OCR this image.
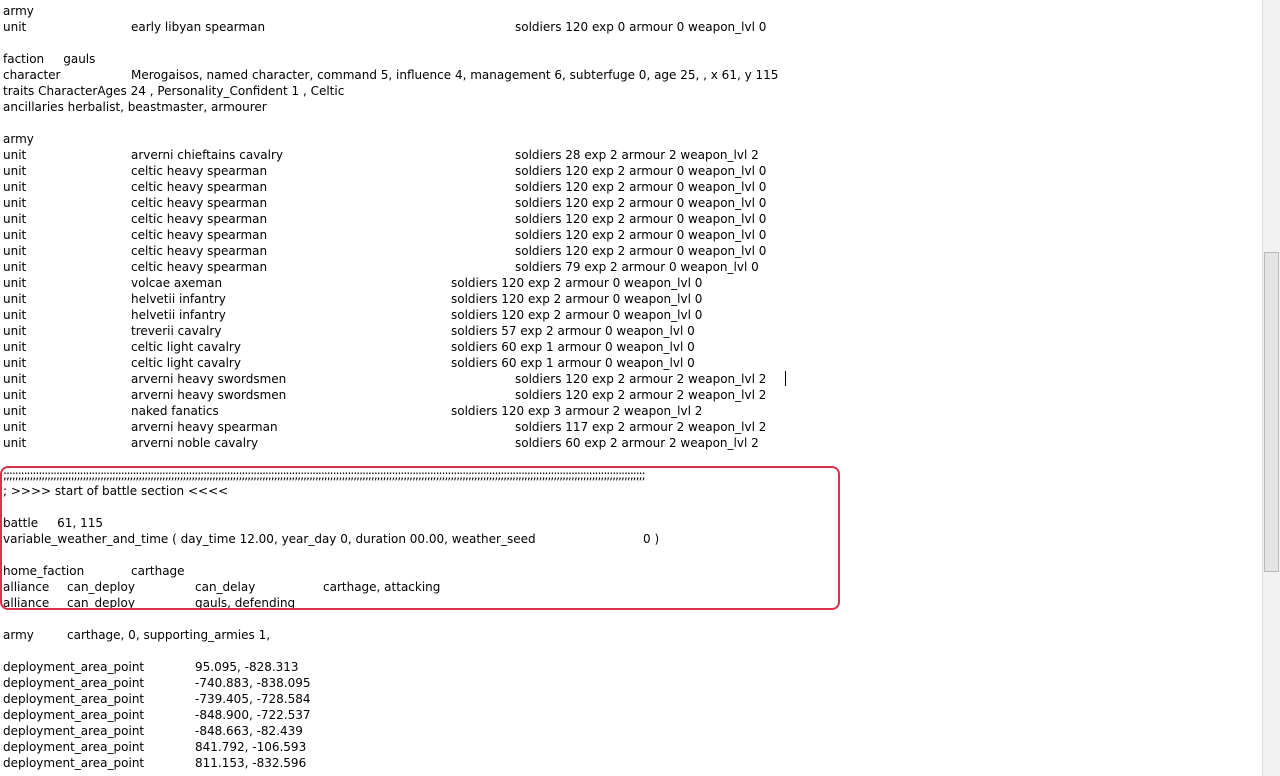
army
unit	early libyan spearman	soldiers 120 exp 0 armour 0 weapon_lvl 0
faction     gauls
character	Merogaisos, named character, command 5, influence 4, management 6, subterfuge 0, age 25, , x 61, y 115
traits CharacterAges 24 , Personality_Confident 1 , Celtic
ancillaries herbalist, beastmaster, armourer
army
unit	arverni chieftains cavalry	soldiers 28 exp 2 armour 2 weapon_lvl 2
unit	celtic heavy spearman	soldiers 120 exp 2 armour 0 weapon_lvl 0
unit	celtic heavy spearman	soldiers 120 exp 2 armour 0 weapon_lvl 0
unit	celtic heavy spearman	soldiers 120 exp 2 armour 0 weapon_lvl 0
unit	celtic heavy spearman	soldiers 120 exp 2 armour 0 weapon_lvl 0
unit	celtic heavy spearman	soldiers 120 exp 2 armour 0 weapon_lvl 0
unit	celtic heavy spearman	soldiers 120 exp 2 armour 0 weapon_lvl 0
unit	celtic heavy spearman	soldiers 79 exp 2 armour 0 weapon_lvl 0
unit	volcae axeman	soldiers 120 exp 2 armour 0 weapon_lvl 0
unit	helvetii infantry	soldiers 120 exp 2 armour 0 weapon_lvl 0
unit	helvetii infantry	soldiers 120 exp 2 armour 0 weapon_lvl 0
unit	treverii cavalry	soldiers 57 exp 2 armour 0 weapon_lvl 0
unit	celtic light cavalry	soldiers 60 exp 1 armour 0 weapon_lvl 0
unit	celtic light cavalry	soldiers 60 exp 1 armour 0 weapon_lvl 0
unit	arverni heavy swordsmen	soldiers 120 exp 2 armour 2 weapon_lvl 2
unit	arverni heavy swordsmen	soldiers 120 exp 2 armour 2 weapon_lvl 2
unit	naked fanatics	soldiers 120 exp 3 armour 2 weapon_lvl 2
unit	arverni heavy spearman	soldiers 117 exp 2 armour 2 weapon_lvl 2
unit	arverni noble cavalry	soldiers 60 exp 2 armour 2 weapon_lvl 2
;;;;;;;;;;;;;;;;;;;;;;;;;;;;;;;;;;;;;;;;;;;;;;;;;;;;;;;;;;;;;;;;;;;;;;;;;;;;;;;;;;;;;;;;;;;;;;;;;;;;;;;;;;;;;;;;;;;;;;;;;;;;;;;;;;;;;;;;;;;;;;;;;;;;;;;;;;;;;;;;;;;;;;;;;;;;;;;;;;;;;;;;;;;;;;;;;;;;;;;;;;;;;;;;;;;;;;;;;;
; >>>> start of battle section <<<<
battle     61, 115
variable_weather_and_time ( day_time 12.00, year_day 0, duration 00.00, weather_seed	0 )
home_faction	carthage
alliance can_deploy	can_delay	carthage, attacking
alliance can_deploy	gauls, defending
army	carthage, 0, supporting_armies 1,
deployment_area_point	95.095, -828.313
deployment_area_point	-740.883, -838.095
deployment_area_point	-739.405, -728.584
deployment_area_point	-848.900, -722.537
deployment_area_point	-848.663, -82.439
deployment_area_point	841.792, -106.593
deployment_area_point	811.153, -832.596
